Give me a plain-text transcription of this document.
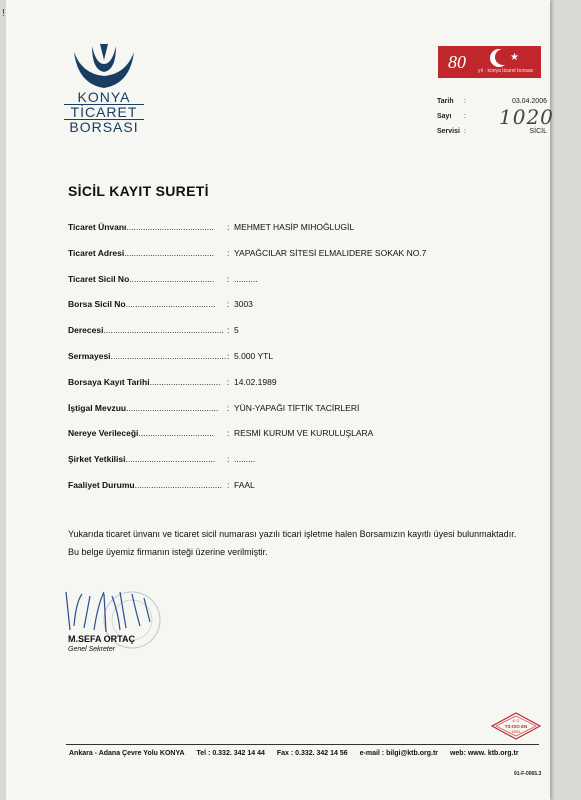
!
KONYA
TİCARET
BORSASI
80	★
yıl · konya ticaret borsası
Tarih :	03.04.2006
Sayı : 1020
Servisi :	SİCİL
SİCİL KAYIT SURETİ
Ticaret Ünvanı.....................................	: MEHMET HASİP MIHOĞLUGİL
Ticaret Adresi......................................	: YAPAĞCILAR SİTESİ ELMALIDERE SOKAK NO.7
Ticaret Sicil No....................................	: ..........
Borsa Sicil No......................................	: 3003
Derecesi................................................... : 5
Sermayesi................................................. : 5.000 YTL
Borsaya Kayıt Tarihi.............................. : 14.02.1989
İştigal Mevzuu.......................................	: YÜN-YAPAĞI TİFTİK TACİRLERİ
Nereye Verileceği................................	: RESMİ KURUM VE KURULUŞLARA
Şirket Yetkilisi......................................	: .........
Faaliyet Durumu..................................... : FAAL
Yukarıda ticaret ünvanı ve ticaret sicil numarası yazılı ticari işletme halen Borsamızın kayıtlı üyesi bulunmaktadır.
Bu belge üyemiz firmanın isteği üzerine verilmiştir.
M.SEFA ORTAÇ
Genel Sekreter
K G
TS-ISO EN
9001
Ankara - Adana Çevre Yolu KONYA Tel : 0.332. 342 14 44 Fax : 0.332. 342 14 56 e-mail : bilgi@ktb.org.tr web: www. ktb.org.tr
91-F-0065.3
